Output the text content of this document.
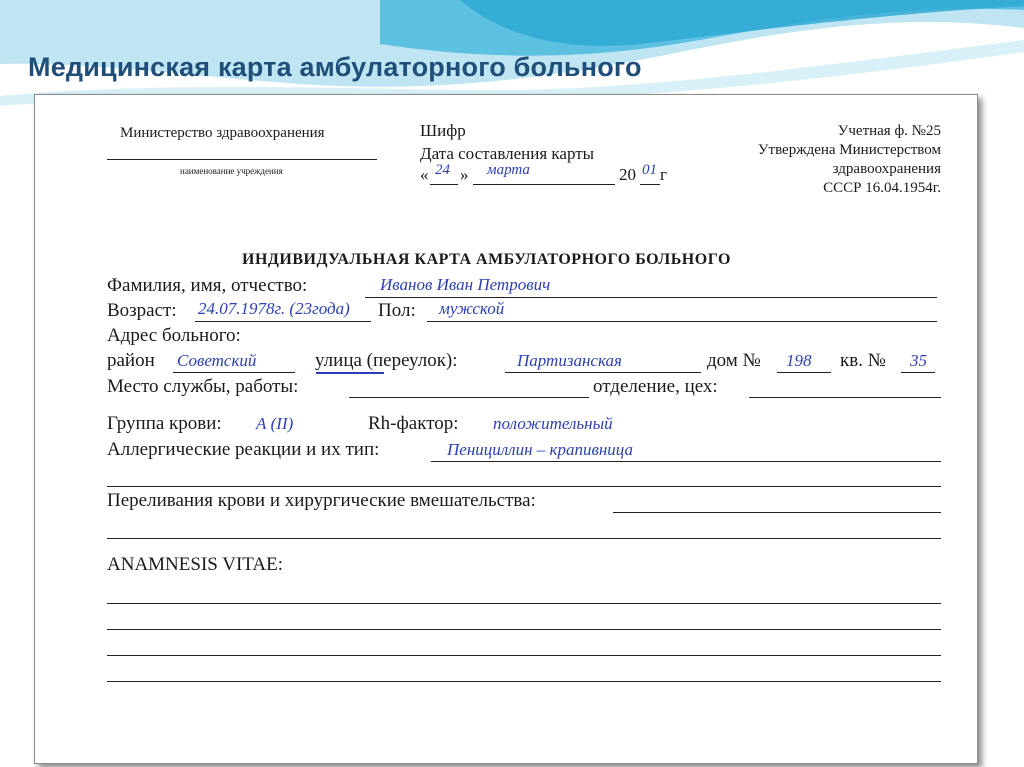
Медицинская карта амбулаторного больного
Министерство здравоохранения
наименование учреждения
Шифр
Дата составления карты
« 24 » марта	20 01 г
Учетная ф. №25
Утверждена Министерством
здравоохранения
СССР 16.04.1954г.
ИНДИВИДУАЛЬНАЯ КАРТА АМБУЛАТОРНОГО БОЛЬНОГО
Фамилия, имя, отчество:	Иванов Иван Петрович
Возраст: 24.07.1978г. (23года) Пол: мужской
Адрес больного:
район Советский	улица (переулок):	Партизанская	дом № 198 кв. № 35
Место службы, работы:	отделение, цех:
Группа крови: А (II)	Rh-фактор: положительный
Аллергические реакции и их тип:	Пенициллин – крапивница
Переливания крови и хирургические вмешательства:
ANAMNESIS VITAE:
